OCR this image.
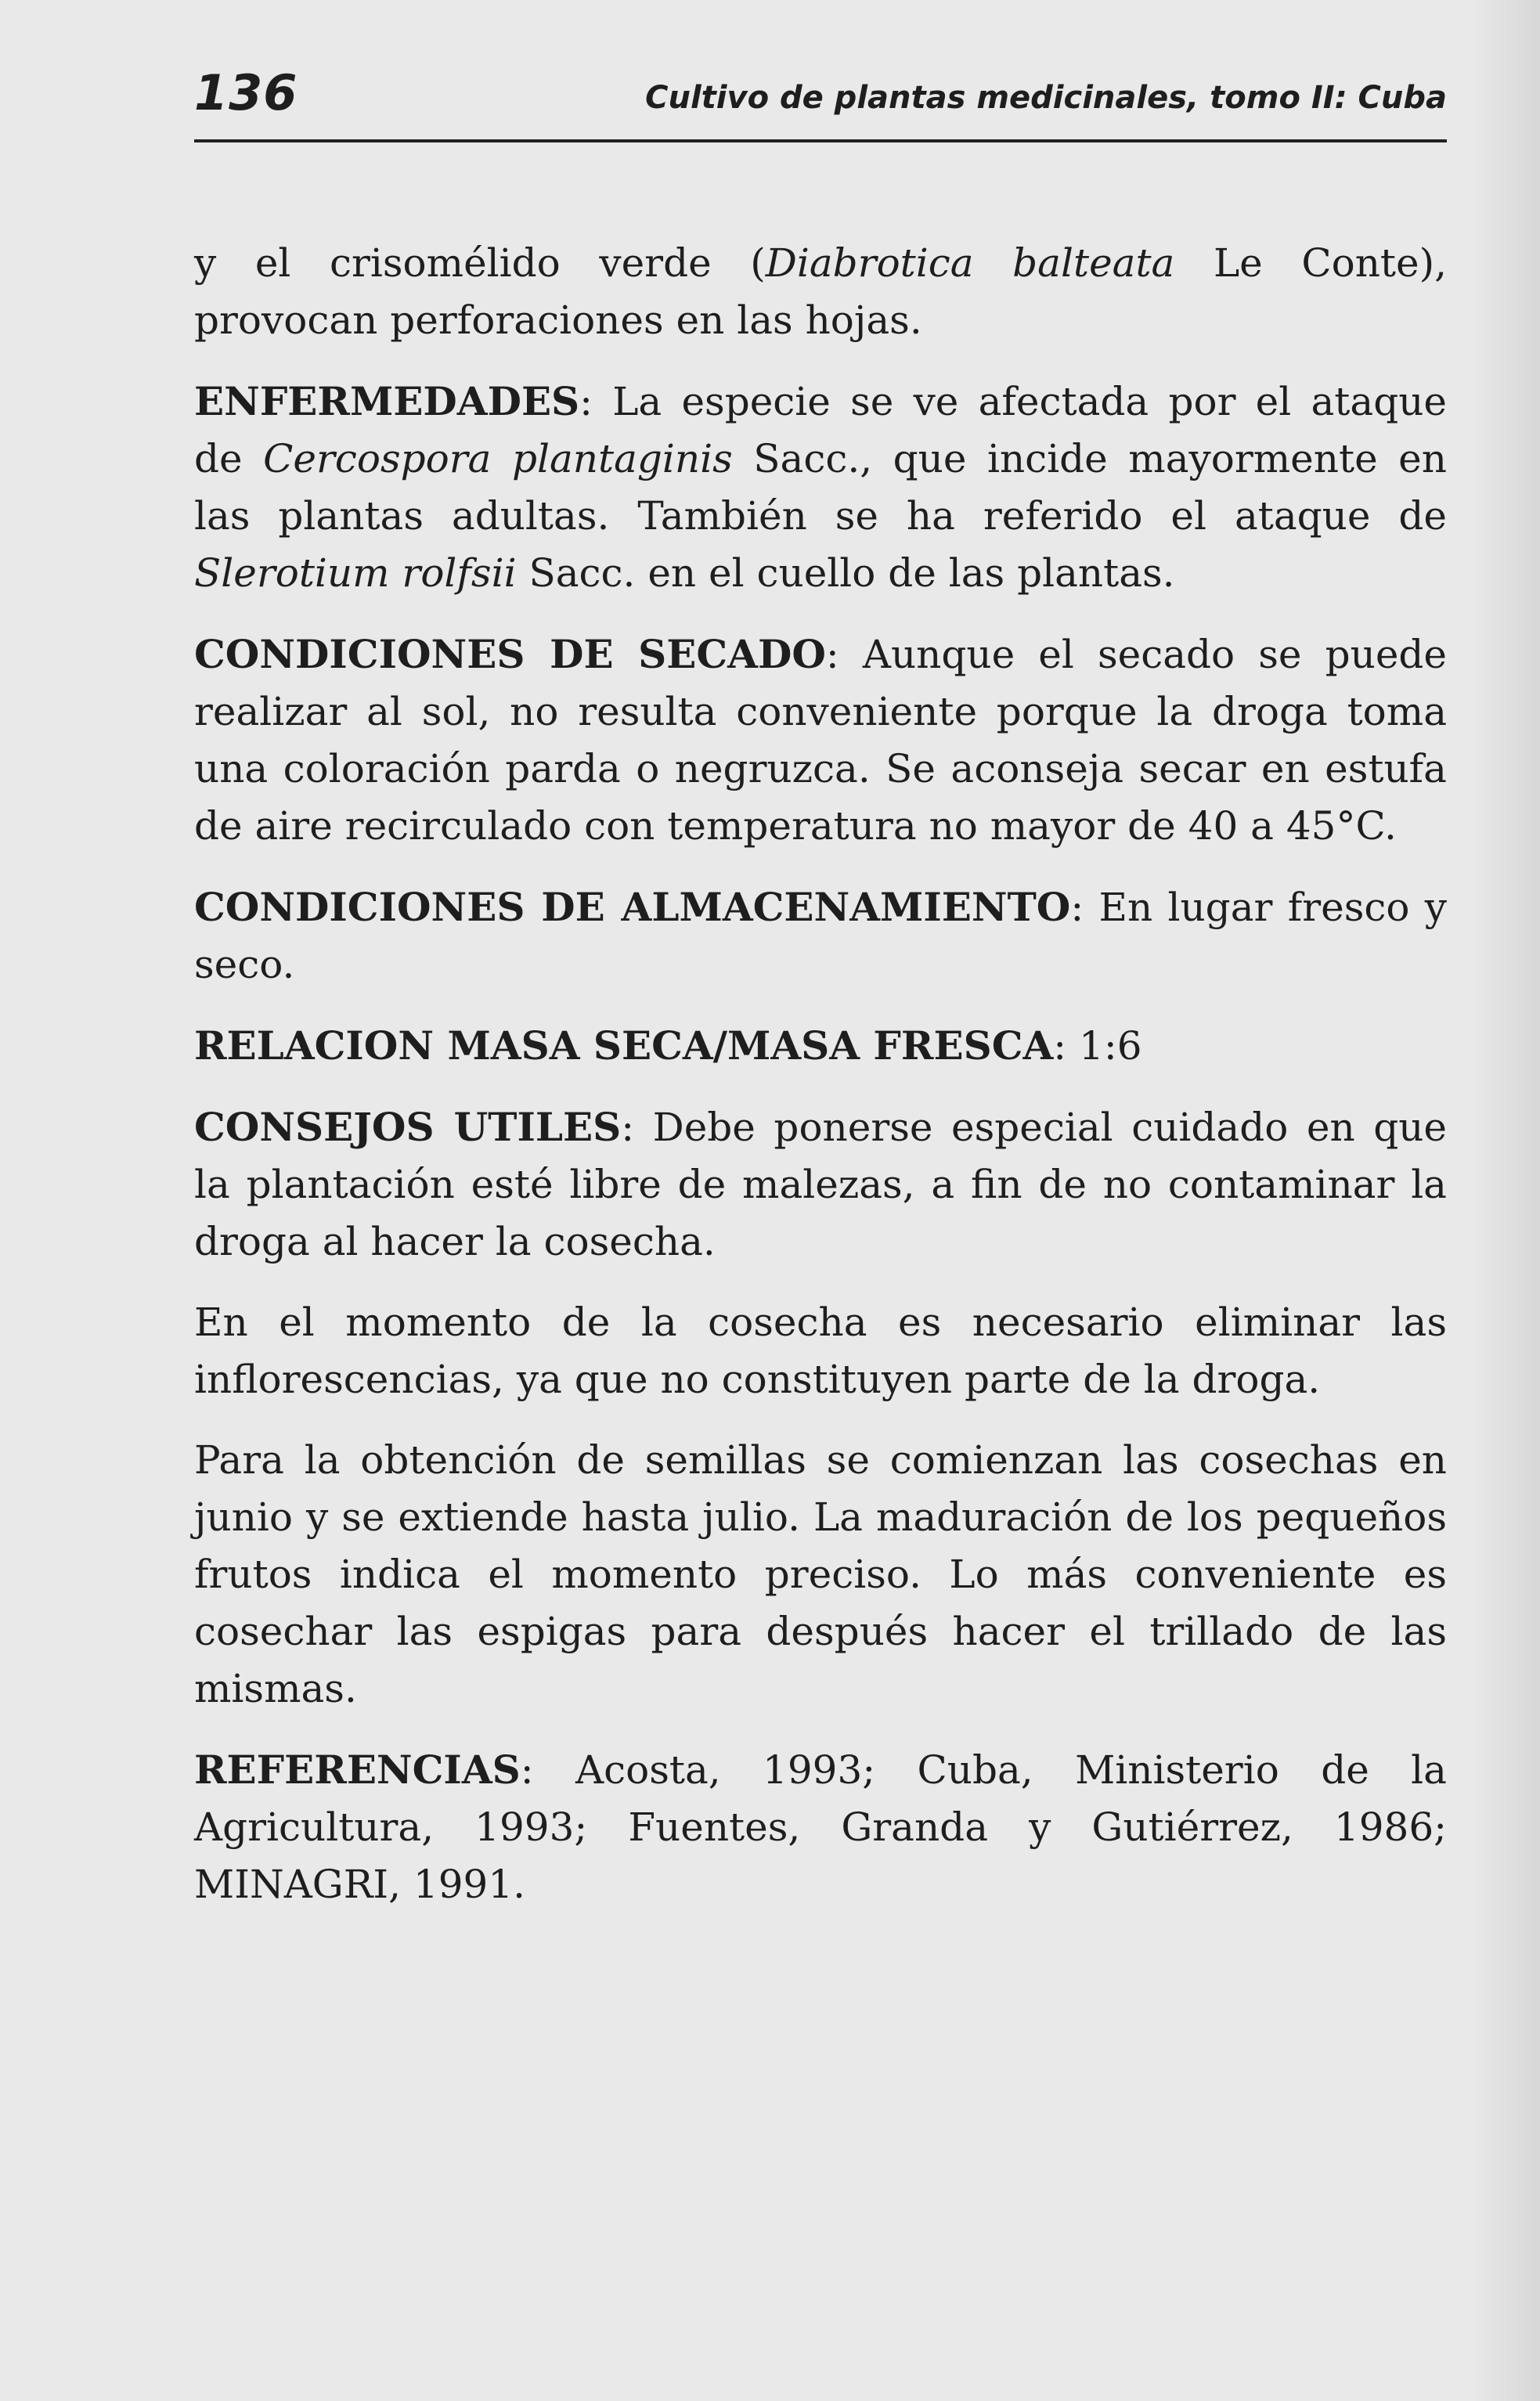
136	Cultivo de plantas medicinales, tomo II: Cuba

y el crisomélido verde (Diabrotica balteata Le Conte), provocan perforaciones en las hojas.

ENFERMEDADES: La especie se ve afectada por el ataque de Cercospora plantaginis Sacc., que incide mayormente en las plantas adultas. También se ha referido el ataque de Slerotium rolfsii Sacc. en el cuello de las plantas.

CONDICIONES DE SECADO: Aunque el secado se puede realizar al sol, no resulta conveniente porque la droga toma una coloración parda o negruzca. Se aconseja secar en estufa de aire recirculado con temperatura no mayor de 40 a 45°C.

CONDICIONES DE ALMACENAMIENTO: En lugar fresco y seco.

RELACION MASA SECA/MASA FRESCA: 1:6

CONSEJOS UTILES: Debe ponerse especial cuidado en que la plantación esté libre de malezas, a fin de no contaminar la droga al hacer la cosecha.

En el momento de la cosecha es necesario eliminar las inflorescencias, ya que no constituyen parte de la droga.

Para la obtención de semillas se comienzan las cosechas en junio y se extiende hasta julio. La maduración de los pequeños frutos indica el momento preciso. Lo más conveniente es cosechar las espigas para después hacer el trillado de las mismas.

REFERENCIAS: Acosta, 1993; Cuba, Ministerio de la Agricultura, 1993; Fuentes, Granda y Gutiérrez, 1986; MINAGRI, 1991.
